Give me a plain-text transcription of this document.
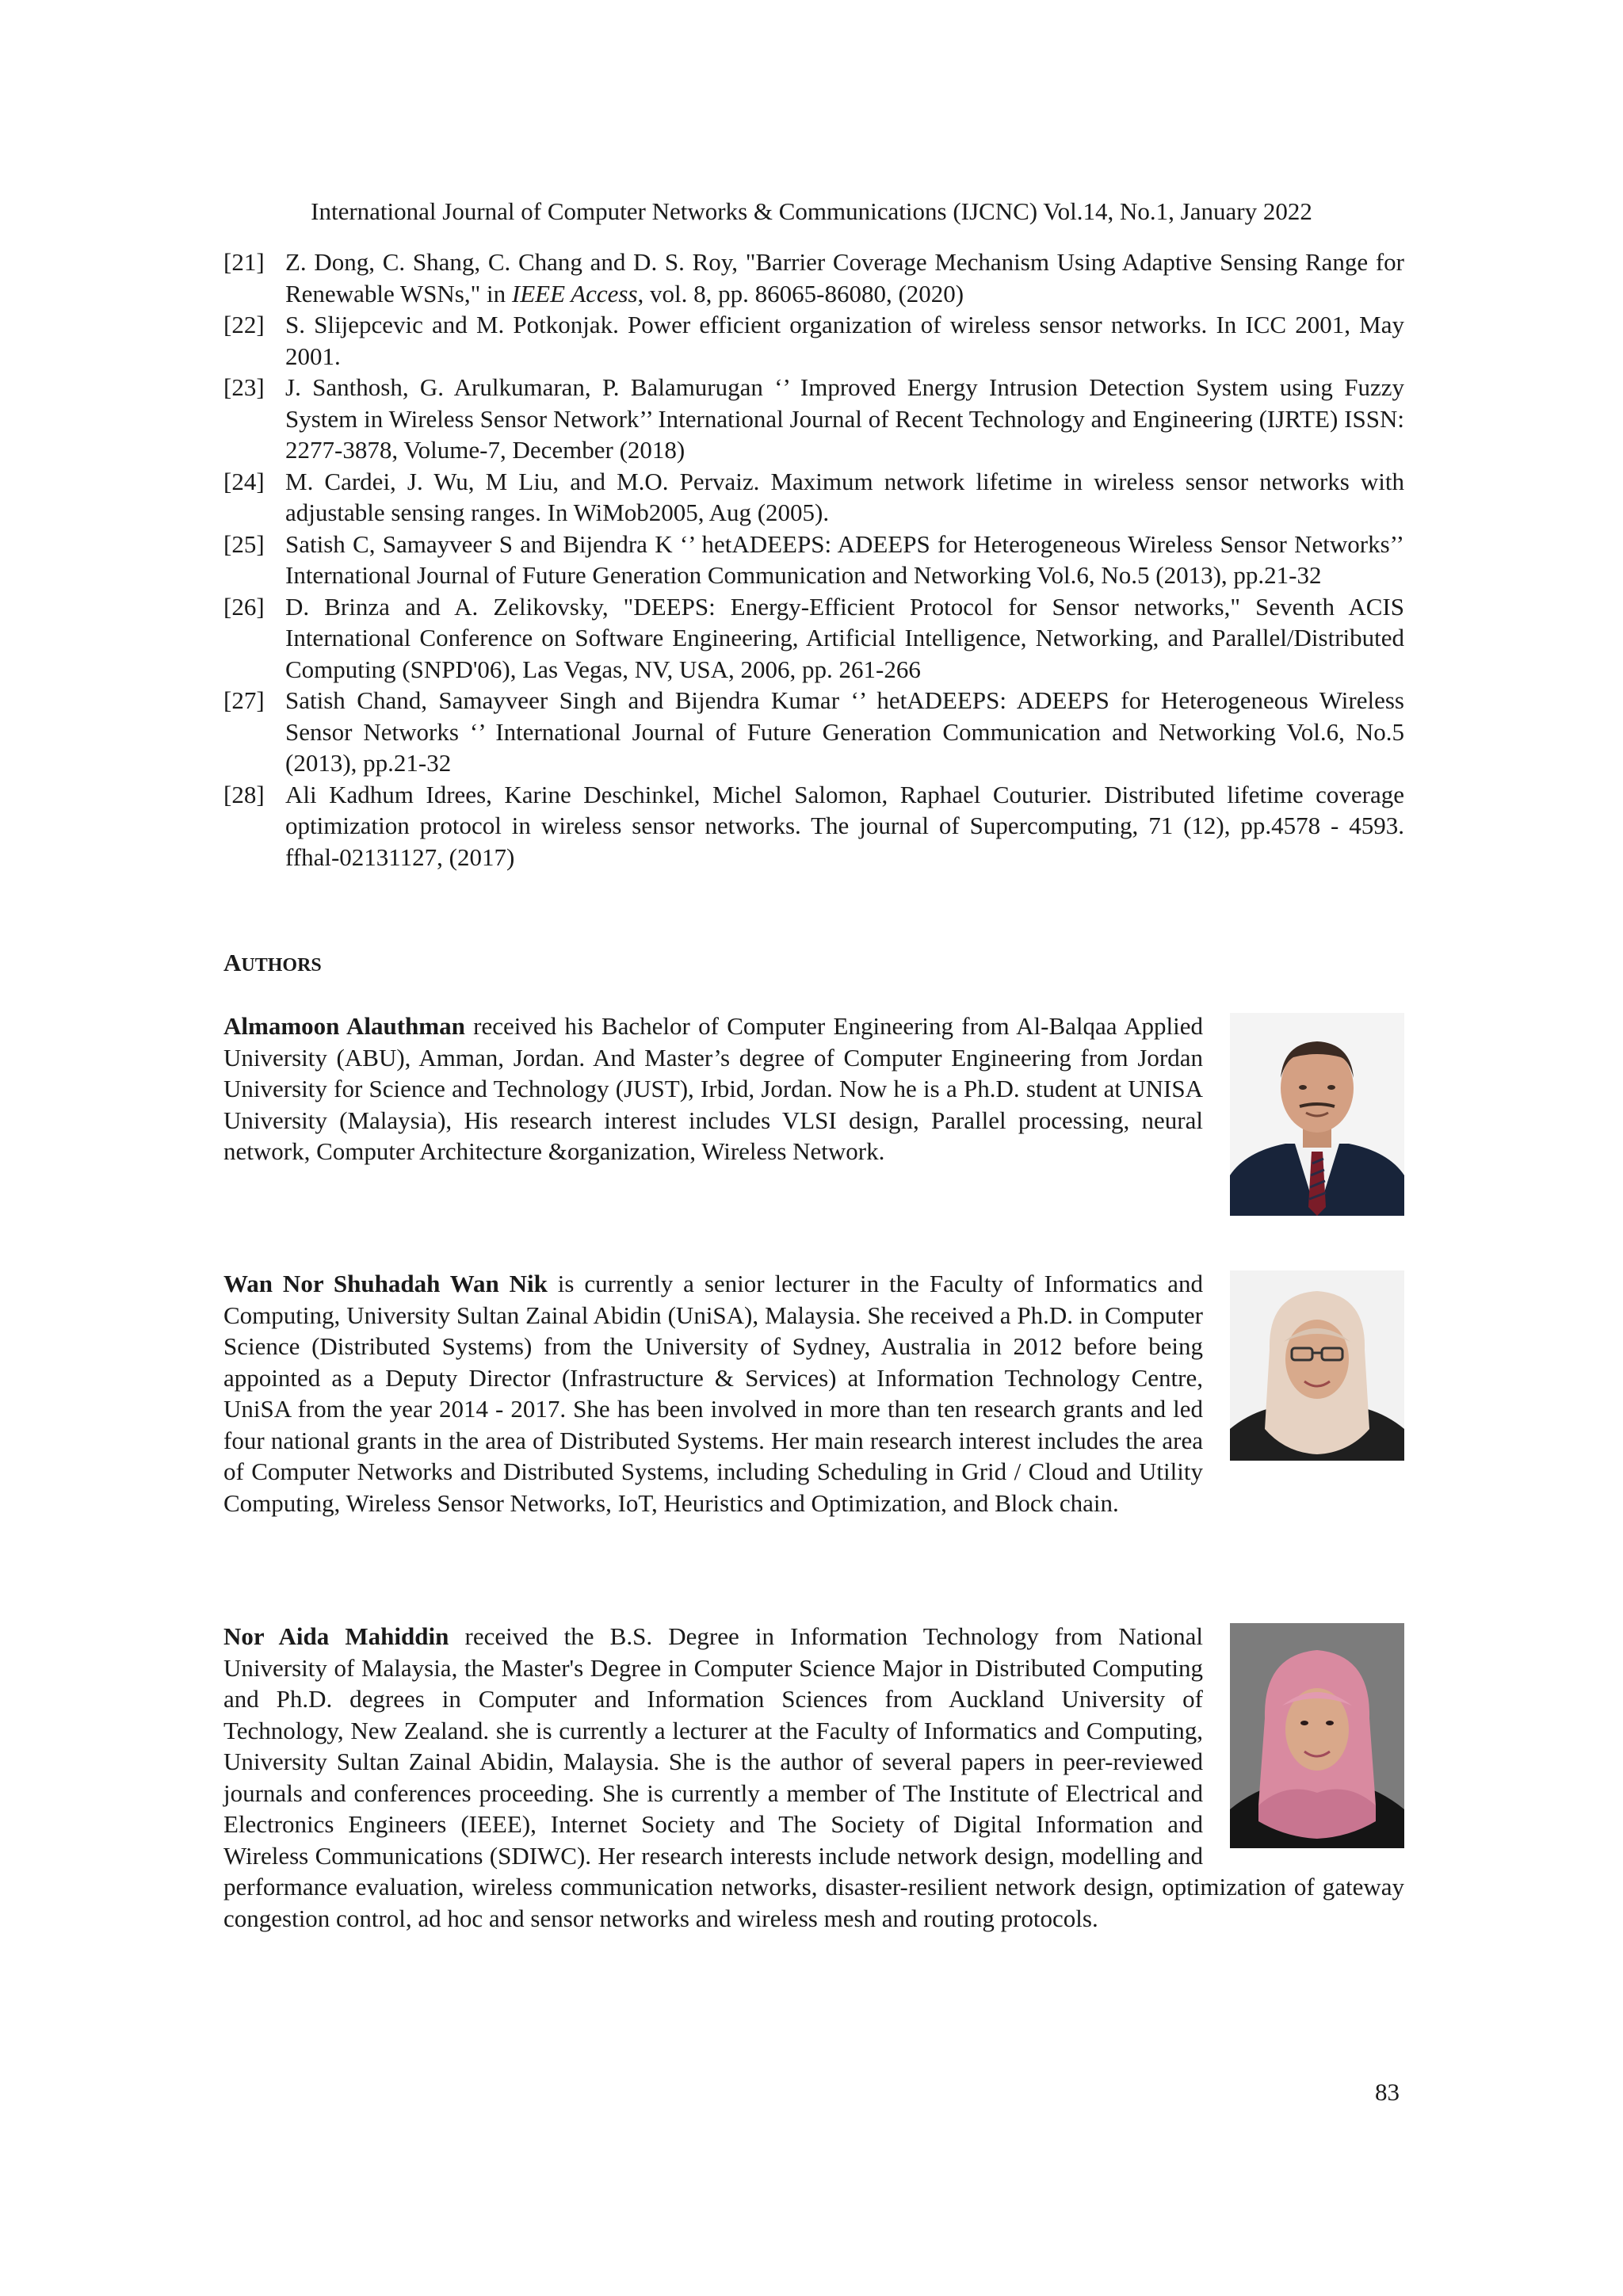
International Journal of Computer Networks & Communications (IJCNC) Vol.14, No.1, January 2022
[21] Z. Dong, C. Shang, C. Chang and D. S. Roy, "Barrier Coverage Mechanism Using Adaptive Sensing Range for Renewable WSNs," in IEEE Access, vol. 8, pp. 86065-86080, (2020)
[22] S. Slijepcevic and M. Potkonjak. Power efficient organization of wireless sensor networks. In ICC 2001, May 2001.
[23] J. Santhosh, G. Arulkumaran, P. Balamurugan ‘’ Improved Energy Intrusion Detection System using Fuzzy System in Wireless Sensor Network’’ International Journal of Recent Technology and Engineering (IJRTE) ISSN: 2277-3878, Volume-7, December (2018)
[24] M. Cardei, J. Wu, M Liu, and M.O. Pervaiz. Maximum network lifetime in wireless sensor networks with adjustable sensing ranges. In WiMob2005, Aug (2005).
[25] Satish C, Samayveer S and Bijendra K ‘’ hetADEEPS: ADEEPS for Heterogeneous Wireless Sensor Networks’’ International Journal of Future Generation Communication and Networking Vol.6, No.5 (2013), pp.21-32
[26] D. Brinza and A. Zelikovsky, "DEEPS: Energy-Efficient Protocol for Sensor networks," Seventh ACIS International Conference on Software Engineering, Artificial Intelligence, Networking, and Parallel/Distributed Computing (SNPD'06), Las Vegas, NV, USA, 2006, pp. 261-266
[27] Satish Chand, Samayveer Singh and Bijendra Kumar ‘’ hetADEEPS: ADEEPS for Heterogeneous Wireless Sensor Networks ‘’ International Journal of Future Generation Communication and Networking Vol.6, No.5 (2013), pp.21-32
[28] Ali Kadhum Idrees, Karine Deschinkel, Michel Salomon, Raphael Couturier. Distributed lifetime coverage optimization protocol in wireless sensor networks. The journal of Supercomputing, 71 (12), pp.4578 - 4593. ffhal-02131127, (2017)
AUTHORS
Almamoon Alauthman received his Bachelor of Computer Engineering from Al-Balqaa Applied University (ABU), Amman, Jordan. And Master’s degree of Computer Engineering from Jordan University for Science and Technology (JUST), Irbid, Jordan. Now he is a Ph.D. student at UNISA University (Malaysia), His research interest includes VLSI design, Parallel processing, neural network, Computer Architecture &organization, Wireless Network.
Wan Nor Shuhadah Wan Nik is currently a senior lecturer in the Faculty of Informatics and Computing, University Sultan Zainal Abidin (UniSA), Malaysia. She received a Ph.D. in Computer Science (Distributed Systems) from the University of Sydney, Australia in 2012 before being appointed as a Deputy Director (Infrastructure & Services) at Information Technology Centre, UniSA from the year 2014 - 2017. She has been involved in more than ten research grants and led four national grants in the area of Distributed Systems. Her main research interest includes the area of Computer Networks and Distributed Systems, including Scheduling in Grid / Cloud and Utility Computing, Wireless Sensor Networks, IoT, Heuristics and Optimization, and Block chain.
Nor Aida Mahiddin received the B.S. Degree in Information Technology from National University of Malaysia, the Master's Degree in Computer Science Major in Distributed Computing and Ph.D. degrees in Computer and Information Sciences from Auckland University of Technology, New Zealand. she is currently a lecturer at the Faculty of Informatics and Computing, University Sultan Zainal Abidin, Malaysia. She is the author of several papers in peer-reviewed journals and conferences proceeding. She is currently a member of The Institute of Electrical and Electronics Engineers (IEEE), Internet Society and The Society of Digital Information and Wireless Communications (SDIWC). Her research interests include network design, modelling and performance evaluation, wireless communication networks, disaster-resilient network design, optimization of gateway congestion control, ad hoc and sensor networks and wireless mesh and routing protocols.
83
